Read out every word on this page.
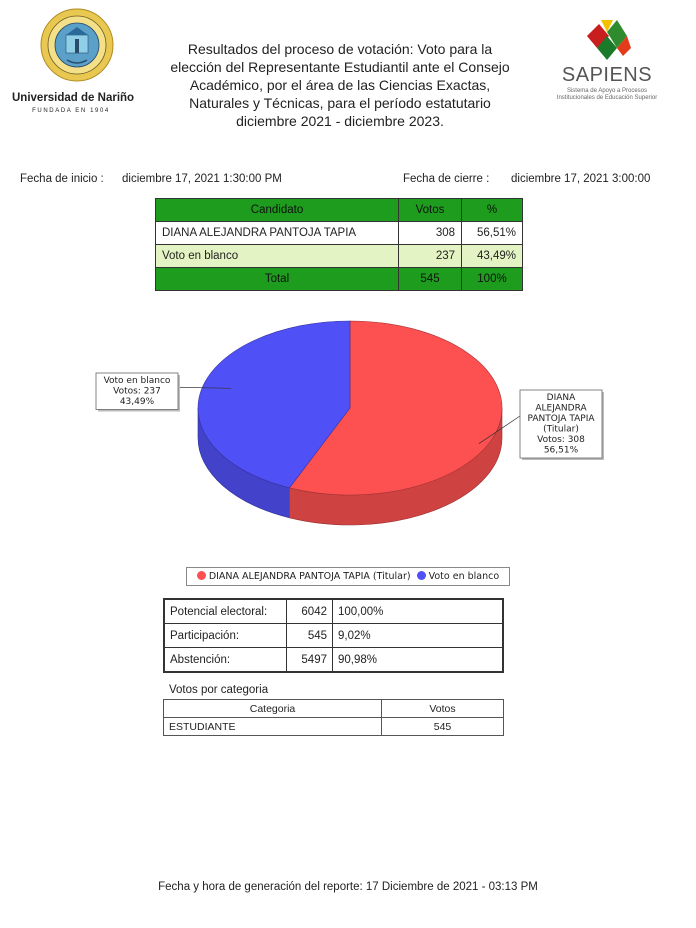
Universidad de Nariño
FUNDADA EN 1904
Resultados del proceso de votación: Voto para la elección del Representante Estudiantil ante el Consejo Académico, por el área de las Ciencias Exactas, Naturales y Técnicas, para el período estatutario diciembre 2021 - diciembre 2023.
SAPIENS
Sistema de Apoyo a Procesos Institucionales de Educación Superior
Fecha de inicio : diciembre 17, 2021 1:30:00 PM	Fecha de cierre : diciembre 17, 2021 3:00:00
Candidato	Votos	%
DIANA ALEJANDRA PANTOJA TAPIA	308	56,51%
Voto en blanco	237	43,49%
Total	545	100%
DIANA
ALEJANDRA
PANTOJA TAPIA
(Titular)
Votos: 308
56,51%
Voto en blanco
Votos: 237
43,49%
DIANA ALEJANDRA PANTOJA TAPIA (Titular)	Voto en blanco
Potencial electoral:	6042	100,00%
Participación:	545	9,02%
Abstención:	5497	90,98%
Votos por categoria
Categoria	Votos
ESTUDIANTE	545
Fecha y hora de generación del reporte: 17 Diciembre de 2021 - 03:13 PM
